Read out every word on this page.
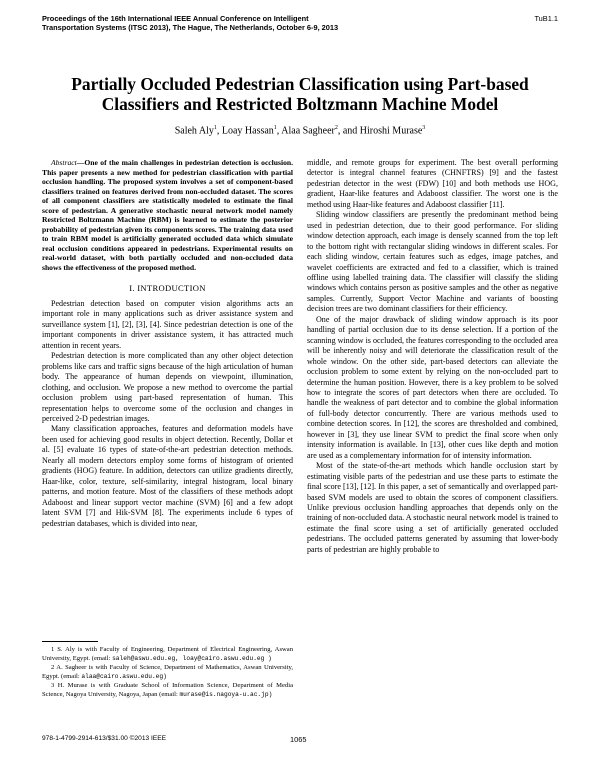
Proceedings of the 16th International IEEE Annual Conference on Intelligent Transportation Systems (ITSC 2013), The Hague, The Netherlands, October 6-9, 2013
TuB1.1
Partially Occluded Pedestrian Classification using Part-based Classifiers and Restricted Boltzmann Machine Model
Saleh Aly$^1$, Loay Hassan$^1$, Alaa Sagheer$^2$, and Hiroshi Murase$^3$

Abstract—One of the main challenges in pedestrian detection is occlusion. This paper presents a new method for pedestrian classification with partial occlusion handling. The proposed system involves a set of component-based classifiers trained on features derived from non-occluded dataset. The scores of all component classifiers are statistically modeled to estimate the final score of pedestrian. A generative stochastic neural network model namely Restricted Boltzmann Machine (RBM) is learned to estimate the posterior probability of pedestrian given its components scores. The training data used to train RBM model is artificially generated occluded data which simulate real occlusion conditions appeared in pedestrians. Experimental results on real-world dataset, with both partially occluded and non-occluded data shows the effectiveness of the proposed method.

I. INTRODUCTION

Pedestrian detection based on computer vision algorithms acts an important role in many applications such as driver assistance system and surveillance system [1], [2], [3], [4]. Since pedestrian detection is one of the important components in driver assistance system, it has attracted much attention in recent years.

Pedestrian detection is more complicated than any other object detection problems like cars and traffic signs because of the high articulation of human body. The appearance of human depends on viewpoint, illumination, clothing, and occlusion. We propose a new method to overcome the partial occlusion problem using part-based representation of human. This representation helps to overcome some of the occlusion and changes in perceived 2-D pedestrian images.

Many classification approaches, features and deformation models have been used for achieving good results in object detection. Recently, Dollar et al. [5] evaluate 16 types of state-of-the-art pedestrian detection methods. Nearly all modern detectors employ some forms of histogram of oriented gradients (HOG) feature. In addition, detectors can utilize gradients directly, Haar-like, color, texture, self-similarity, integral histogram, local binary patterns, and motion feature. Most of the classifiers of these methods adopt Adaboost and linear support vector machine (SVM) [6] and a few adopt latent SVM [7] and Hik-SVM [8]. The experiments include 6 types of pedestrian databases, which is divided into near,

1 S. Aly is with Faculty of Engineering, Department of Electrical Engineering, Aswan University, Egypt. (email: saleh@aswu.edu.eg, loay@cairo.aswu.edu.eg )

2 A. Sagheer is with Faculty of Science, Department of Mathematics, Aswan University, Egypt. (email: alaa@cairo.aswu.edu.eg)

3 H. Murase is with Graduate School of Information Science, Department of Media Science, Nagoya University, Nagoya, Japan (email: murase@is.nagoya-u.ac.jp)

middle, and remote groups for experiment. The best overall performing detector is integral channel features (CHNFTRS) [9] and the fastest pedestrian detector in the west (FDW) [10] and both methods use HOG, gradient, Haar-like features and Adaboost classifier. The worst one is the method using Haar-like features and Adaboost classifier [11].

Sliding window classifiers are presently the predominant method being used in pedestrian detection, due to their good performance. For sliding window detection approach, each image is densely scanned from the top left to the bottom right with rectangular sliding windows in different scales. For each sliding window, certain features such as edges, image patches, and wavelet coefficients are extracted and fed to a classifier, which is trained offline using labelled training data. The classifier will classify the sliding windows which contains person as positive samples and the other as negative samples. Currently, Support Vector Machine and variants of boosting decision trees are two dominant classifiers for their efficiency.

One of the major drawback of sliding window approach is its poor handling of partial occlusion due to its dense selection. If a portion of the scanning window is occluded, the features corresponding to the occluded area will be inherently noisy and will deteriorate the classification result of the whole window. On the other side, part-based detectors can alleviate the occlusion problem to some extent by relying on the non-occluded part to determine the human position. However, there is a key problem to be solved how to integrate the scores of part detectors when there are occluded. To handle the weakness of part detector and to combine the global information of full-body detector concurrently. There are various methods used to combine detection scores. In [12], the scores are thresholded and combined, however in [3], they use linear SVM to predict the final score when only intensity information is available. In [13], other cues like depth and motion are used as a complementary information for of intensity information.

Most of the state-of-the-art methods which handle occlusion start by estimating visible parts of the pedestrian and use these parts to estimate the final score [13], [12]. In this paper, a set of semantically and overlapped part-based SVM models are used to obtain the scores of component classifiers. Unlike previous occlusion handling approaches that depends only on the training of non-occluded data. A stochastic neural network model is trained to estimate the final score using a set of artificially generated occluded pedestrians. The occluded patterns generated by assuming that lower-body parts of pedestrian are highly probable to

978-1-4799-2914-613/$31.00 ©2013 IEEE	1065
